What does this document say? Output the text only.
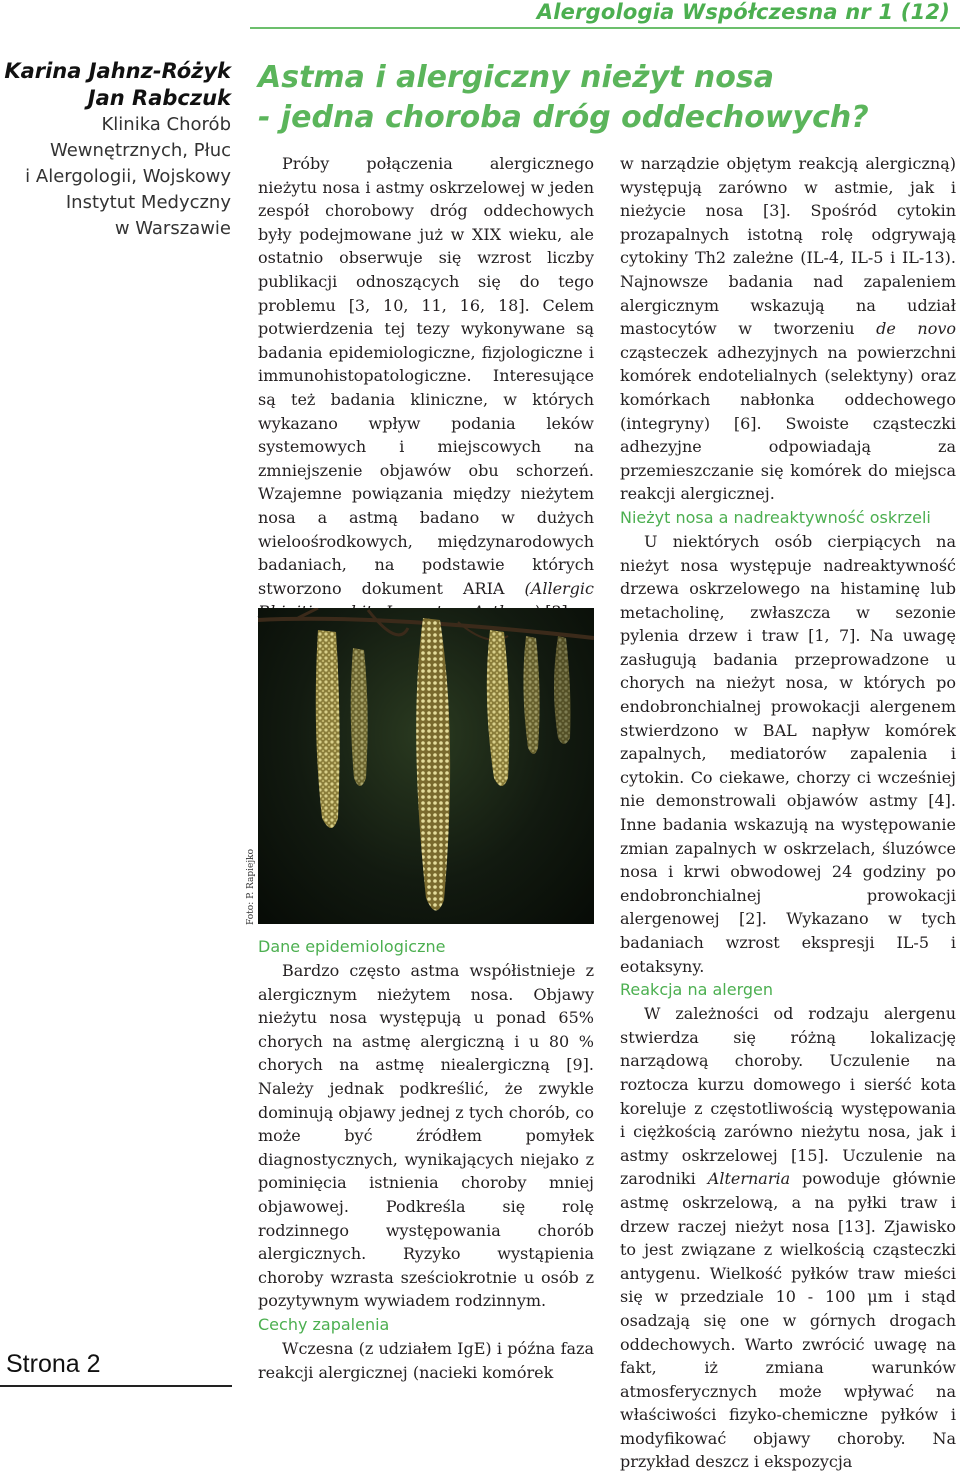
Alergologia Współczesna nr 1 (12)
Karina Jahnz-Różyk
Jan Rabczuk
Klinika Chorób
Wewnętrznych, Płuc
i Alergologii, Wojskowy
Instytut Medyczny
w Warszawie
Strona 2
Astma i alergiczny nieżyt nosa
- jedna choroba dróg oddechowych?

Próby połączenia alergicznego nieżytu nosa i astmy oskrzelowej w jeden zespół chorobowy dróg oddechowych były podejmowane już w XIX wieku, ale ostatnio obserwuje się wzrost liczby publikacji odnoszących się do tego problemu [3, 10, 11, 16, 18]. Celem potwierdzenia tej tezy wykonywane są badania epidemiologiczne, fizjologiczne i immunohistopatologiczne. Interesujące są też badania kliniczne, w których wykazano wpływ podania leków systemowych i miejscowych na zmniejszenie objawów obu schorzeń. Wzajemne powiązania między nieżytem nosa a astmą badano w dużych wieloośrodkowych, międzynarodowych badaniach, na podstawie których stworzono dokument ARIA (Allergic

Foto: P. Rapiejko

Dane epidemiologiczne

Bardzo często astma współistnieje z alergicznym nieżytem nosa. Objawy nieżytu nosa występują u ponad 65% chorych na astmę alergiczną i u 80 % chorych na astmę niealergiczną [9]. Należy jednak podkreślić, że zwykle dominują objawy jednej z tych chorób, co może być źródłem pomyłek diagnostycznych, wynikających niejako z pominięcia istnienia choroby mniej objawowej. Podkreśla się rolę rodzinnego występowania chorób alergicznych. Ryzyko wystąpienia choroby wzrasta sześciokrotnie u osób z pozytywnym wywiadem rodzinnym.

Cechy zapalenia

Wczesna (z udziałem IgE) i późna faza reakcji alergicznej (nacieki komórek

w narządzie objętym reakcją alergiczną) występują zarówno w astmie, jak i nieżycie nosa [3]. Spośród cytokin prozapalnych istotną rolę odgrywają cytokiny Th2 zależne (IL-4, IL-5 i IL-13). Najnowsze badania nad zapaleniem alergicznym wskazują na udział mastocytów w tworzeniu de novo cząsteczek adhezyjnych na powierzchni komórek endotelialnych (selektyny) oraz komórkach nabłonka oddechowego (integryny) [6]. Swoiste cząsteczki adhezyjne odpowiadają za przemieszczanie się komórek do miejsca reakcji alergicznej.

Nieżyt nosa a nadreaktywność oskrzeli

U niektórych osób cierpiących na nieżyt nosa występuje nadreaktywność drzewa oskrzelowego na histaminę lub metacholinę, zwłaszcza w sezonie pylenia drzew i traw [1, 7]. Na uwagę zasługują badania przeprowadzone u chorych na nieżyt nosa, w których po endobronchialnej prowokacji alergenem stwierdzono w BAL napływ komórek zapalnych, mediatorów zapalenia i cytokin. Co ciekawe, chorzy ci wcześniej nie demonstrowali objawów astmy [4]. Inne badania wskazują na występowanie zmian zapalnych w oskrzelach, śluzówce nosa i krwi obwodowej 24 godziny po endobronchialnej prowokacji alergenowej [2]. Wykazano w tych badaniach wzrost ekspresji IL-5 i eotaksyny.

Reakcja na alergen

W zależności od rodzaju alergenu stwierdza się różną lokalizację narządową choroby. Uczulenie na roztocza kurzu domowego i sierść kota koreluje z częstotliwością występowania i ciężkością zarówno nieżytu nosa, jak i astmy oskrzelowej [15]. Uczulenie na zarodniki Alternaria powoduje głównie astmę oskrzelową, a na pyłki traw i drzew raczej nieżyt nosa [13]. Zjawisko to jest związane z wielkością cząsteczki antygenu. Wielkość pyłków traw mieści się w przedziale 10 - 100 μm i stąd osadzają się one w górnych drogach oddechowych. Warto zwrócić uwagę na fakt, iż zmiana warunków atmosferycznych może wpływać na właściwości fizyko-chemiczne pyłków i modyfikować objawy choroby. Na przykład deszcz i ekspozycja
